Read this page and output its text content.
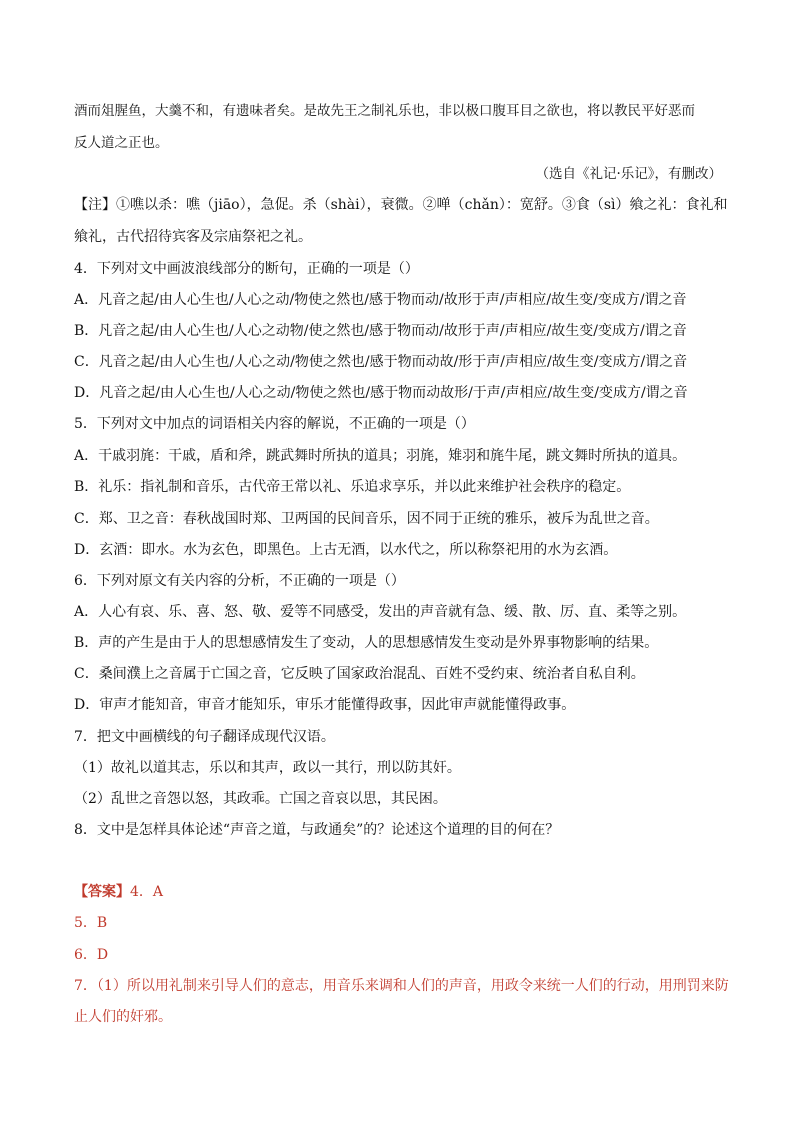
酒而俎腥鱼，大羹不和，有遗味者矣。是故先王之制礼乐也，非以极口腹耳目之欲也，将以教民平好恶而
反人道之正也。
（选自《礼记·乐记》，有删改）
【注】①噍以杀：噍（jiāo），急促。杀（shài），衰微。②啴（chǎn）：宽舒。③食（sì）飨之礼：食礼和
飨礼，古代招待宾客及宗庙祭祀之礼。
4．下列对文中画波浪线部分的断句，正确的一项是（）
A．凡音之起/由人心生也/人心之动/物使之然也/感于物而动/故形于声/声相应/故生变/变成方/谓之音
B．凡音之起/由人心生也/人心之动物/使之然也/感于物而动/故形于声/声相应/故生变/变成方/谓之音
C．凡音之起/由人心生也/人心之动/物使之然也/感于物而动故/形于声/声相应/故生变/变成方/谓之音
D．凡音之起/由人心生也/人心之动/物使之然也/感于物而动故形/于声/声相应/故生变/变成方/谓之音
5．下列对文中加点的词语相关内容的解说，不正确的一项是（）
A．干戚羽旄：干戚，盾和斧，跳武舞时所执的道具；羽旄，雉羽和旄牛尾，跳文舞时所执的道具。
B．礼乐：指礼制和音乐，古代帝王常以礼、乐追求享乐，并以此来维护社会秩序的稳定。
C．郑、卫之音：春秋战国时郑、卫两国的民间音乐，因不同于正统的雅乐，被斥为乱世之音。
D．玄酒：即水。水为玄色，即黑色。上古无酒，以水代之，所以称祭祀用的水为玄酒。
6．下列对原文有关内容的分析，不正确的一项是（）
A．人心有哀、乐、喜、怒、敬、爱等不同感受，发出的声音就有急、缓、散、厉、直、柔等之别。
B．声的产生是由于人的思想感情发生了变动，人的思想感情发生变动是外界事物影响的结果。
C．桑间濮上之音属于亡国之音，它反映了国家政治混乱、百姓不受约束、统治者自私自利。
D．审声才能知音，审音才能知乐，审乐才能懂得政事，因此审声就能懂得政事。
7．把文中画横线的句子翻译成现代汉语。
（1）故礼以道其志，乐以和其声，政以一其行，刑以防其奸。
（2）乱世之音怨以怒，其政乖。亡国之音哀以思，其民困。
8．文中是怎样具体论述“声音之道，与政通矣”的？论述这个道理的目的何在？
【答案】4．A
5．B
6．D
7．（1）所以用礼制来引导人们的意志，用音乐来调和人们的声音，用政令来统一人们的行动，用刑罚来防
止人们的奸邪。
